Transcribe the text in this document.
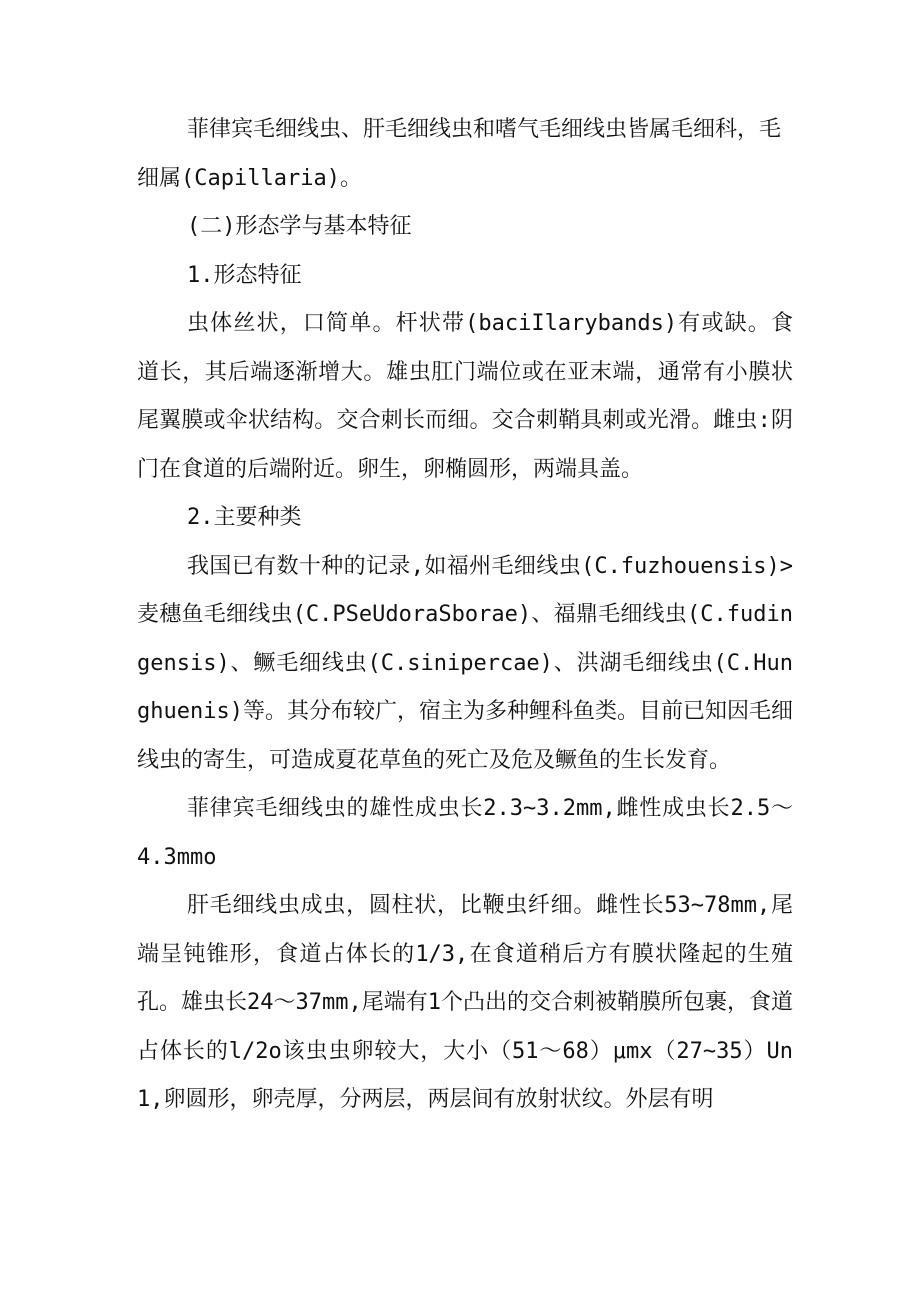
菲律宾毛细线虫、肝毛细线虫和嗜气毛细线虫皆属毛细科，毛细属(Capillaria)。

(二)形态学与基本特征

1.形态特征

虫体丝状，口简单。杆状带(baciIlarybands)有或缺。食道长，其后端逐渐增大。雄虫肛门端位或在亚末端，通常有小膜状尾翼膜或伞状结构。交合刺长而细。交合刺鞘具刺或光滑。雌虫:阴门在食道的后端附近。卵生，卵椭圆形，两端具盖。

2.主要种类

我国已有数十种的记录,如福州毛细线虫(C.fuzhouensis)>麦穗鱼毛细线虫(C.PSeUdoraSborae)、福鼎毛细线虫(C.fudingensis)、鳜毛细线虫(C.sinipercae)、洪湖毛细线虫(C.Hunghuenis)等。其分布较广，宿主为多种鲤科鱼类。目前已知因毛细线虫的寄生，可造成夏花草鱼的死亡及危及鳜鱼的生长发育。

菲律宾毛细线虫的雄性成虫长2.3~3.2mm,雌性成虫长2.5～4.3mmo

肝毛细线虫成虫，圆柱状，比鞭虫纤细。雌性长53~78mm,尾端呈钝锥形，食道占体长的1/3,在食道稍后方有膜状隆起的生殖孔。雄虫长24～37mm,尾端有1个凸出的交合刺被鞘膜所包裹，食道占体长的l/2o该虫虫卵较大，大小（51～68）μmx（27~35）Un1,卵圆形，卵壳厚，分两层，两层间有放射状纹。外层有明
